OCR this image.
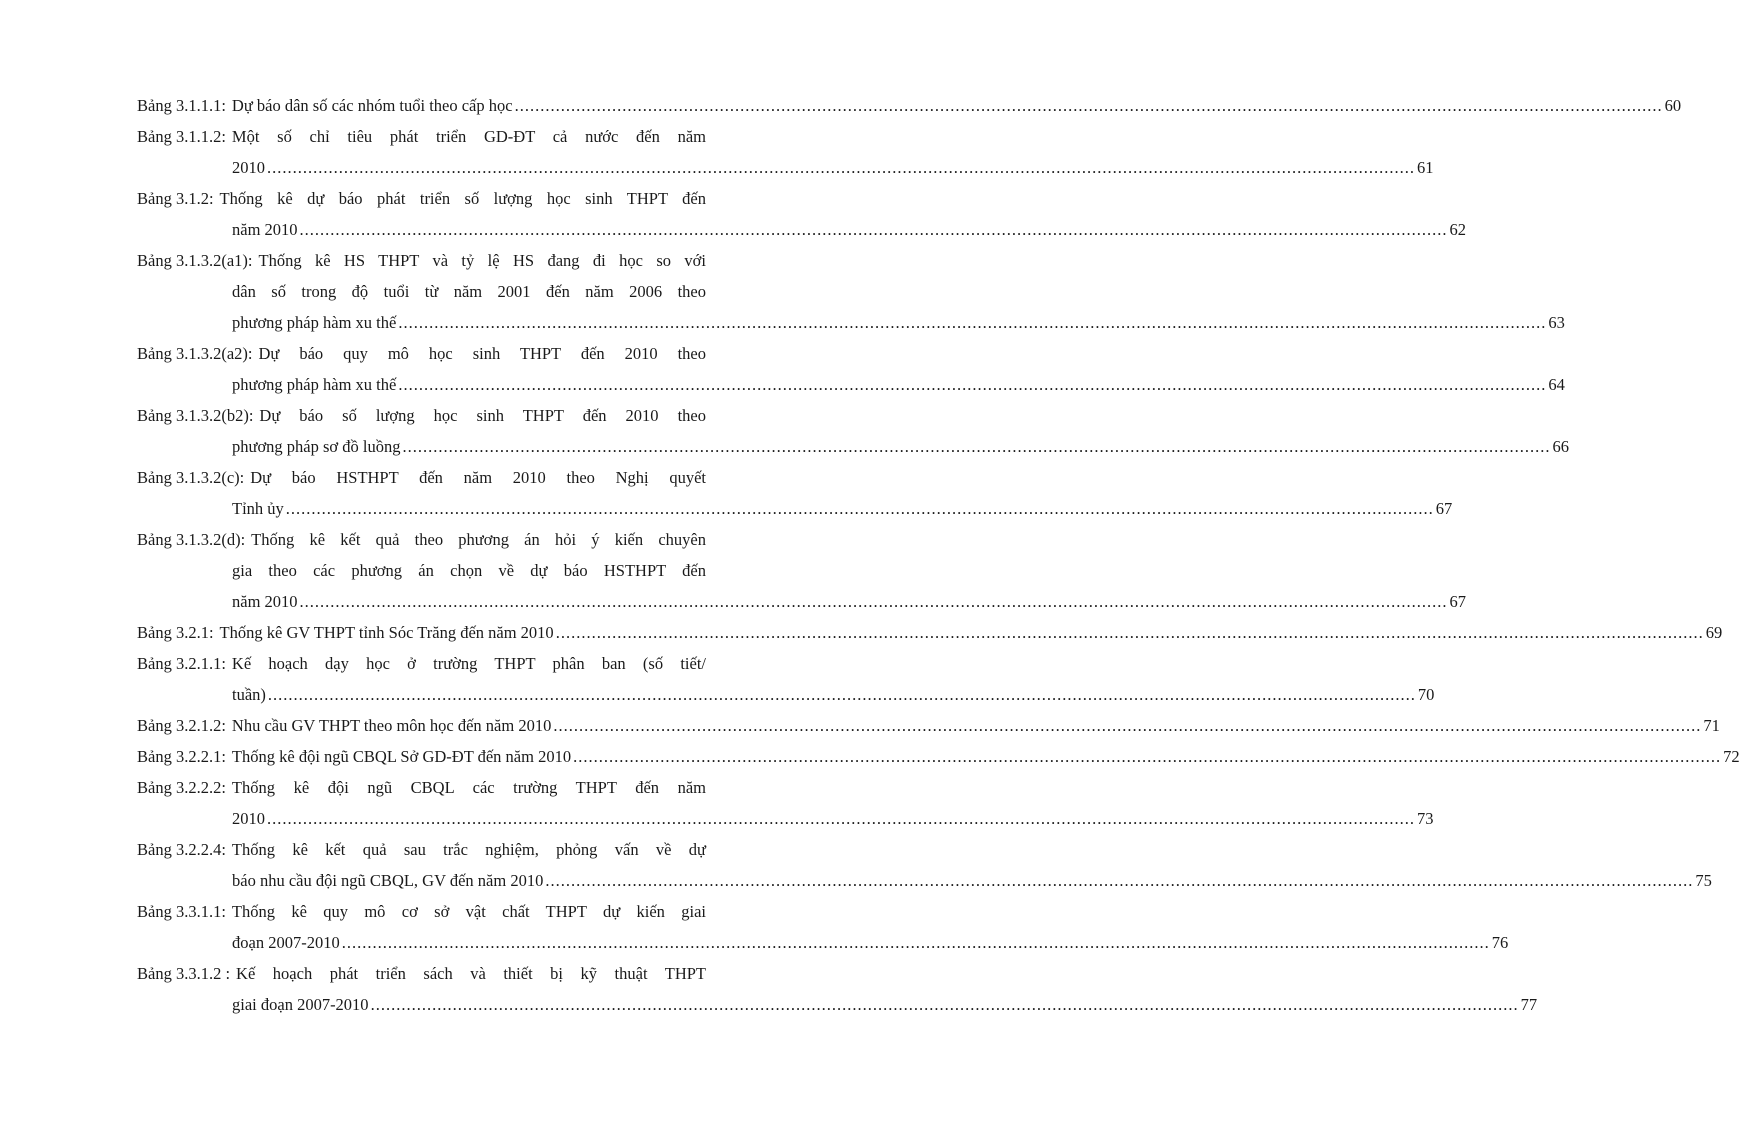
Bảng 3.1.1.1: Dự báo dân số các nhóm tuổi theo cấp học .....	60
Bảng 3.1.1.2: Một số chỉ tiêu phát triển GD-ĐT cả nước đến năm
2010 .....	61
Bảng 3.1.2: Thống kê dự báo phát triển số lượng học sinh THPT đến
năm 2010 .....	62
Bảng 3.1.3.2(a1): Thống kê HS THPT và tỷ lệ HS đang đi học so với
dân số trong độ tuổi từ năm 2001 đến năm 2006 theo
phương pháp hàm xu thế .....	63
Bảng 3.1.3.2(a2): Dự báo quy mô học sinh THPT đến 2010 theo
phương pháp hàm xu thế .....	64
Bảng 3.1.3.2(b2): Dự báo số lượng học sinh THPT đến 2010 theo
phương pháp sơ đồ luồng .....	66
Bảng 3.1.3.2(c): Dự báo HSTHPT đến năm 2010 theo Nghị quyết
Tỉnh ủy .....	67
Bảng 3.1.3.2(d): Thống kê kết quả theo phương án hỏi ý kiến chuyên
gia theo các phương án chọn về dự báo HSTHPT đến
năm 2010 .....	67
Bảng 3.2.1: Thống kê GV THPT tỉnh Sóc Trăng đến năm 2010 .....	69
Bảng 3.2.1.1: Kế hoạch dạy học ở trường THPT phân ban (số tiết/
tuần) .....	70
Bảng 3.2.1.2: Nhu cầu GV THPT theo môn học đến năm 2010 .....	71
Bảng 3.2.2.1: Thống kê đội ngũ CBQL Sở GD-ĐT đến năm 2010 .....	72
Bảng 3.2.2.2: Thống kê đội ngũ CBQL các trường THPT đến năm
2010 .....	73
Bảng 3.2.2.4: Thống kê kết quả sau trắc nghiệm, phỏng vấn về dự
báo nhu cầu đội ngũ CBQL, GV đến năm 2010 .....	75
Bảng 3.3.1.1: Thống kê quy mô cơ sở vật chất THPT dự kiến giai
đoạn 2007-2010 .....	76
Bảng 3.3.1.2 : Kế hoạch phát triển sách và thiết bị kỹ thuật THPT
giai đoạn 2007-2010 .....	77
